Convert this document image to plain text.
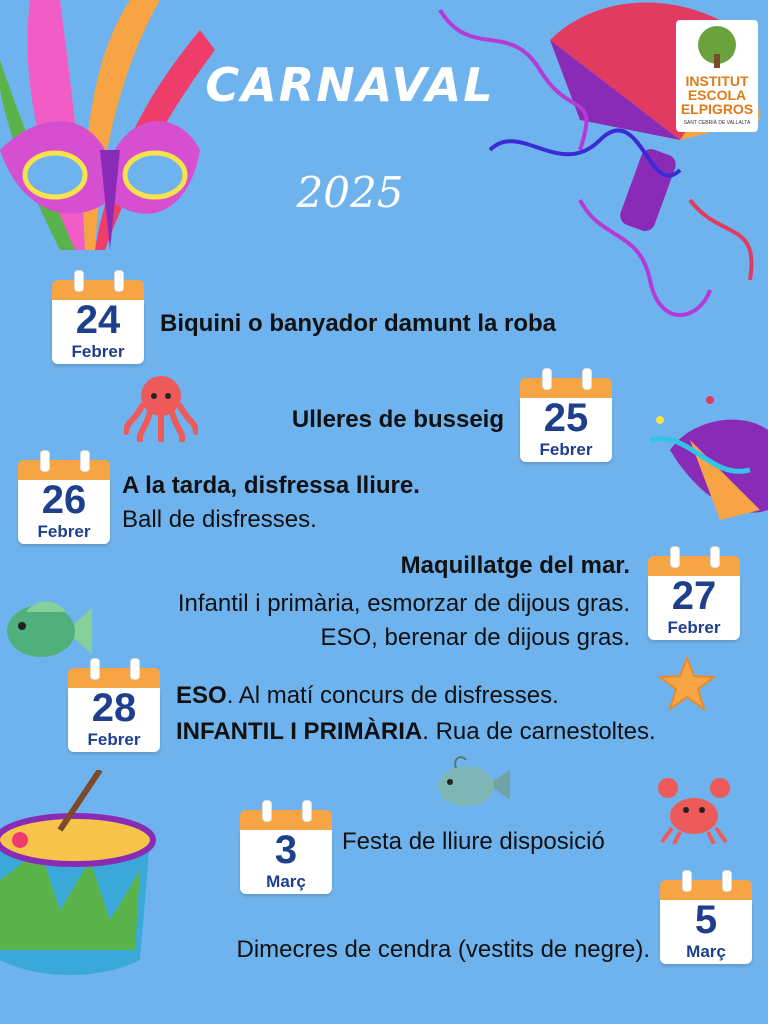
CARNAVAL
2025
INSTITUT
ESCOLA
ELPIGROS
SANT CEBRIÀ DE VALLALTA
24
Febrer
Biquini o banyador damunt la roba
25
Febrer
Ulleres de busseig
26
Febrer
A la tarda, disfressa lliure.
Ball de disfresses.
27
Febrer
Maquillatge del mar.
Infantil i primària, esmorzar de dijous gras.
ESO, berenar de dijous gras.
28
Febrer
ESO. Al matí concurs de disfresses.
INFANTIL I PRIMÀRIA. Rua de carnestoltes.
3
Març
Festa de lliure disposició
5
Març
Dimecres de cendra (vestits de negre).
